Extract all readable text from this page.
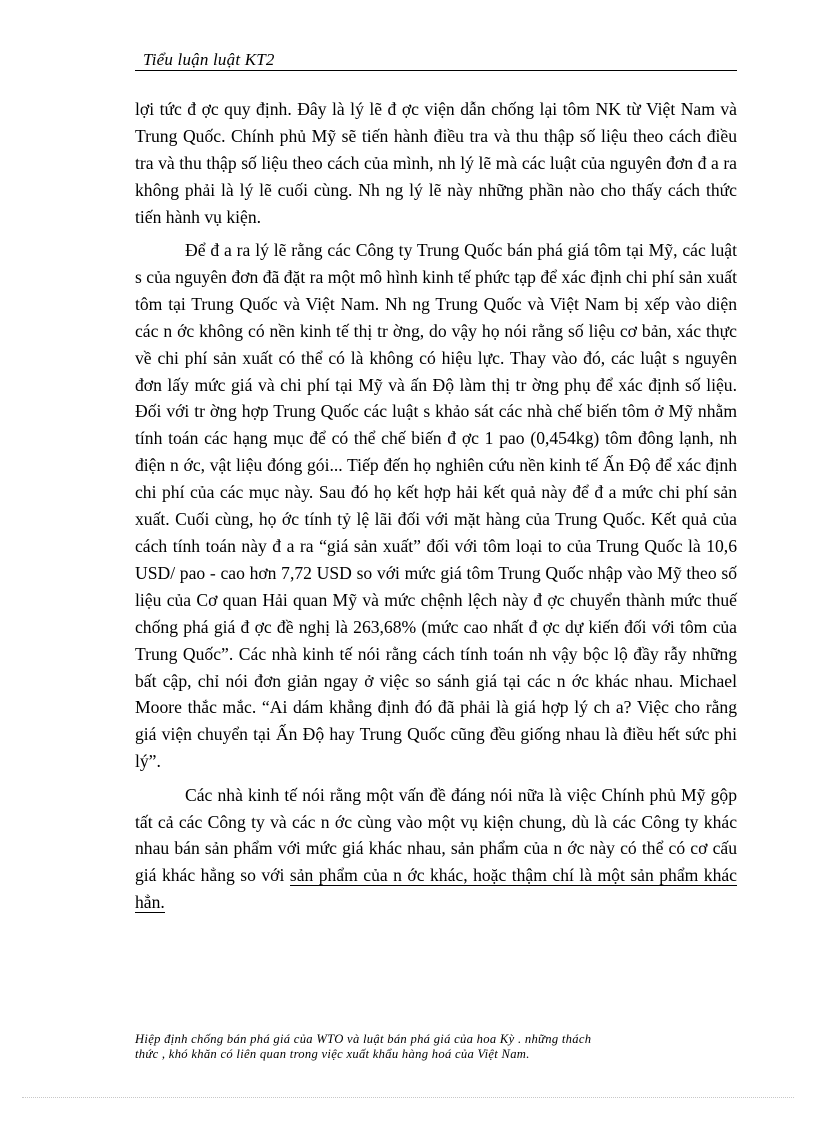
Tiểu luận luật KT2

lợi tức đ ợc quy định. Đây là lý lẽ đ ợc viện dẫn chống lại tôm NK từ Việt Nam và Trung Quốc. Chính phủ Mỹ sẽ tiến hành điều tra và thu thập số liệu theo cách điều tra và thu thập số liệu theo cách của mình, nh lý lẽ mà các luật của nguyên đơn đ a ra không phải là lý lẽ cuối cùng. Nh ng lý lẽ này những phần nào cho thấy cách thức tiến hành vụ kiện.

Để đ a ra lý lẽ rằng các Công ty Trung Quốc bán phá giá tôm tại Mỹ, các luật s của nguyên đơn đã đặt ra một mô hình kinh tế phức tạp để xác định chi phí sản xuất tôm tại Trung Quốc và Việt Nam. Nh ng Trung Quốc và Việt Nam bị xếp vào diện các n ớc không có nền kinh tế thị tr ờng, do vậy họ nói rằng số liệu cơ bản, xác thực về chi phí sản xuất có thể có là không có hiệu lực. Thay vào đó, các luật s nguyên đơn lấy mức giá và chi phí tại Mỹ và ấn Độ làm thị tr ờng phụ để xác định số liệu. Đối với tr ờng hợp Trung Quốc các luật s khảo sát các nhà chế biến tôm ở Mỹ nhằm tính toán các hạng mục để có thể chế biến đ ợc 1 pao (0,454kg) tôm đông lạnh, nh điện n ớc, vật liệu đóng gói... Tiếp đến họ nghiên cứu nền kinh tế Ấn Độ để xác định chi phí của các mục này. Sau đó họ kết hợp hải kết quả này để đ a mức chi phí sản xuất. Cuối cùng, họ ớc tính tỷ lệ lãi đối với mặt hàng của Trung Quốc. Kết quả của cách tính toán này đ a ra “giá sản xuất” đối với tôm loại to của Trung Quốc là 10,6 USD/ pao - cao hơn 7,72 USD so với mức giá tôm Trung Quốc nhập vào Mỹ theo số liệu của Cơ quan Hải quan Mỹ và mức chệnh lệch này đ ợc chuyển thành mức thuế chống phá giá đ ợc đề nghị là 263,68% (mức cao nhất đ ợc dự kiến đối với tôm của Trung Quốc”. Các nhà kinh tế nói rằng cách tính toán nh vậy bộc lộ đầy rẫy những bất cập, chỉ nói đơn giản ngay ở việc so sánh giá tại các n ớc khác nhau. Michael Moore thắc mắc. “Ai dám khẳng định đó đã phải là giá hợp lý ch a? Việc cho rằng giá viện chuyển tại Ấn Độ hay Trung Quốc cũng đều giống nhau là điều hết sức phi lý”.

Các nhà kinh tế nói rằng một vấn đề đáng nói nữa là việc Chính phủ Mỹ gộp tất cả các Công ty và các n ớc cùng vào một vụ kiện chung, dù là các Công ty khác nhau bán sản phẩm với mức giá khác nhau, sản phẩm của n ớc này có thể có cơ cấu giá khác hẳng so với sản phẩm của n ớc khác, hoặc thậm chí là một sản phẩm khác hẳn.

Hiệp định chống bán phá giá của WTO và luật bán phá giá của hoa Kỳ . những thách
thức , khó khăn có liên quan trong việc xuất khẩu hàng hoá của Việt Nam.
